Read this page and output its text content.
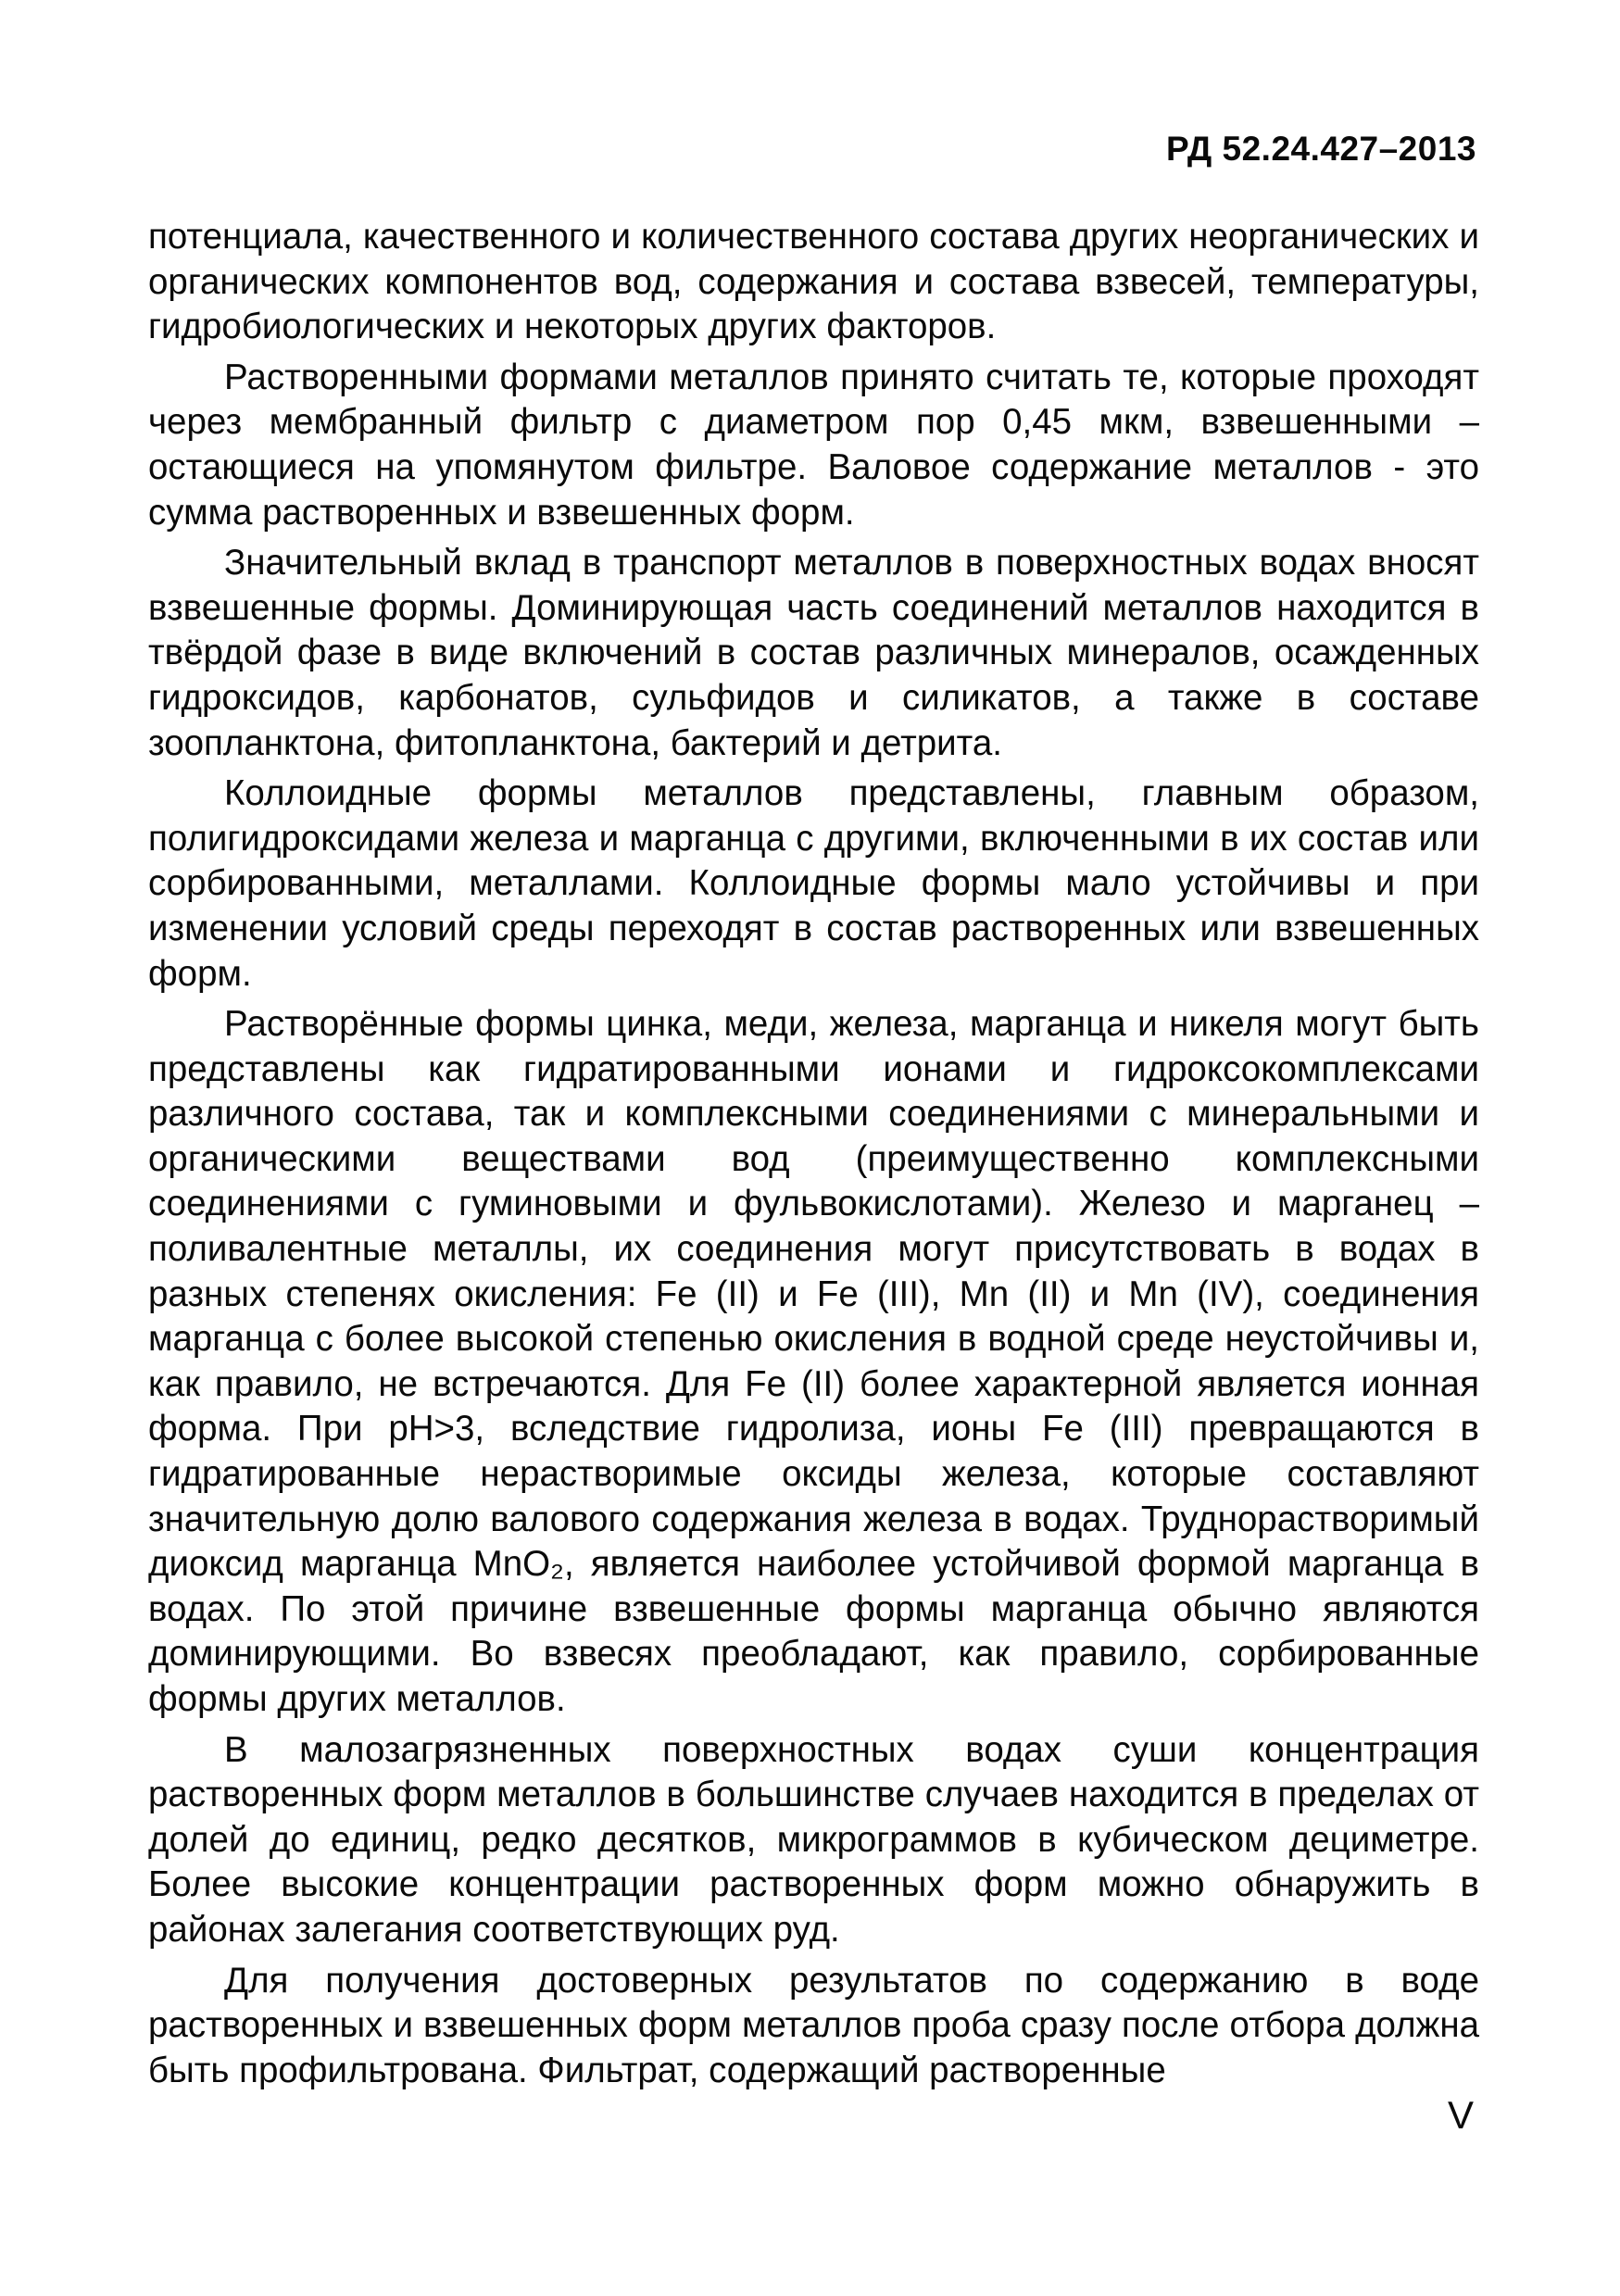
РД 52.24.427–2013

потенциала, качественного и количественного состава других неорганических и органических компонентов вод, содержания и состава взвесей, температуры, гидробиологических и некоторых других факторов.

Растворенными формами металлов принято считать те, которые проходят через мембранный фильтр с диаметром пор 0,45 мкм, взвешенными – остающиеся на упомянутом фильтре. Валовое содержание металлов - это сумма растворенных и взвешенных форм.

Значительный вклад в транспорт металлов в поверхностных водах вносят взвешенные формы. Доминирующая часть соединений металлов находится в твёрдой фазе в виде включений в состав различных минералов, осажденных гидроксидов, карбонатов, сульфидов и силикатов, а также в составе зоопланктона, фитопланктона, бактерий и детрита.

Коллоидные формы металлов представлены, главным образом, полигидроксидами железа и марганца с другими, включенными в их состав или сорбированными, металлами. Коллоидные формы мало устойчивы и при изменении условий среды переходят в состав растворенных или взвешенных форм.

Растворённые формы цинка, меди, железа, марганца и никеля могут быть представлены как гидратированными ионами и гидроксокомплексами различного состава, так и комплексными соединениями с минеральными и органическими веществами вод (преимущественно комплексными соединениями с гуминовыми и фульвокислотами). Железо и марганец – поливалентные металлы, их соединения могут присутствовать в водах в разных степенях окисления: Fe (II) и Fe (III), Mn (II) и Mn (IV), соединения марганца с более высокой степенью окисления в водной среде неустойчивы и, как правило, не встречаются. Для Fe (II) более характерной является ионная форма. При pH>3, вследствие гидролиза, ионы Fe (III) превращаются в гидратированные нерастворимые оксиды железа, которые составляют значительную долю валового содержания железа в водах. Труднорастворимый диоксид марганца MnO₂, является наиболее устойчивой формой марганца в водах. По этой причине взвешенные формы марганца обычно являются доминирующими. Во взвесях преобладают, как правило, сорбированные формы других металлов.

В малозагрязненных поверхностных водах суши концентрация растворенных форм металлов в большинстве случаев находится в пределах от долей до единиц, редко десятков, микрограммов в кубическом дециметре. Более высокие концентрации растворенных форм можно обнаружить в районах залегания соответствующих руд.

Для получения достоверных результатов по содержанию в воде растворенных и взвешенных форм металлов проба сразу после отбора должна быть профильтрована. Фильтрат, содержащий растворенные

V
